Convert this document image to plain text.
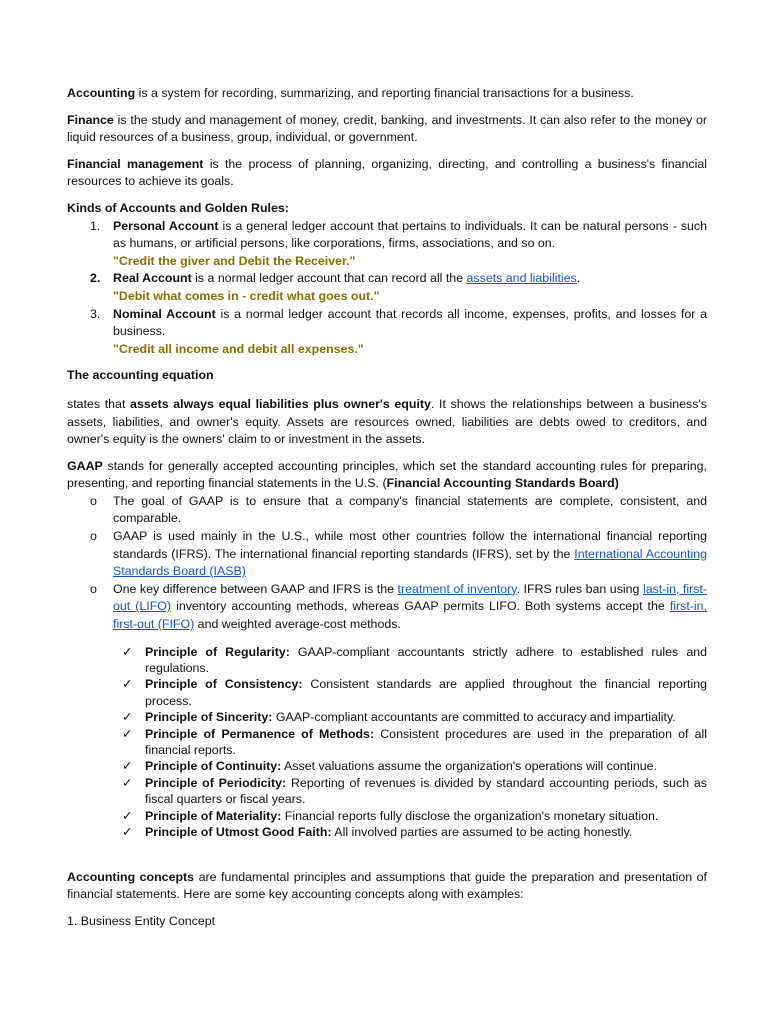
Accounting is a system for recording, summarizing, and reporting financial transactions for a business.

Finance is the study and management of money, credit, banking, and investments. It can also refer to the money or liquid resources of a business, group, individual, or government.

Financial management is the process of planning, organizing, directing, and controlling a business's financial resources to achieve its goals.

Kinds of Accounts and Golden Rules:

1. Personal Account is a general ledger account that pertains to individuals. It can be natural persons - such as humans, or artificial persons, like corporations, firms, associations, and so on.
"Credit the giver and Debit the Receiver."
2. Real Account is a normal ledger account that can record all the assets and liabilities.
"Debit what comes in - credit what goes out."
3. Nominal Account is a normal ledger account that records all income, expenses, profits, and losses for a business.
"Credit all income and debit all expenses."

The accounting equation

states that assets always equal liabilities plus owner's equity. It shows the relationships between a business's assets, liabilities, and owner's equity. Assets are resources owned, liabilities are debts owed to creditors, and owner's equity is the owners' claim to or investment in the assets.

GAAP stands for generally accepted accounting principles, which set the standard accounting rules for preparing, presenting, and reporting financial statements in the U.S. (Financial Accounting Standards Board)

o The goal of GAAP is to ensure that a company's financial statements are complete, consistent, and comparable.
o GAAP is used mainly in the U.S., while most other countries follow the international financial reporting standards (IFRS). The international financial reporting standards (IFRS), set by the International Accounting Standards Board (IASB)
o One key difference between GAAP and IFRS is the treatment of inventory. IFRS rules ban using last-in, first-out (LIFO) inventory accounting methods, whereas GAAP permits LIFO. Both systems accept the first-in, first-out (FIFO) and weighted average-cost methods.
✓ Principle of Regularity: GAAP-compliant accountants strictly adhere to established rules and regulations.
✓ Principle of Consistency: Consistent standards are applied throughout the financial reporting process.
✓ Principle of Sincerity: GAAP-compliant accountants are committed to accuracy and impartiality.
✓ Principle of Permanence of Methods: Consistent procedures are used in the preparation of all financial reports.
✓ Principle of Continuity: Asset valuations assume the organization's operations will continue.
✓ Principle of Periodicity: Reporting of revenues is divided by standard accounting periods, such as fiscal quarters or fiscal years.
✓ Principle of Materiality: Financial reports fully disclose the organization's monetary situation.
✓ Principle of Utmost Good Faith: All involved parties are assumed to be acting honestly.

Accounting concepts are fundamental principles and assumptions that guide the preparation and presentation of financial statements. Here are some key accounting concepts along with examples:

1. Business Entity Concept
